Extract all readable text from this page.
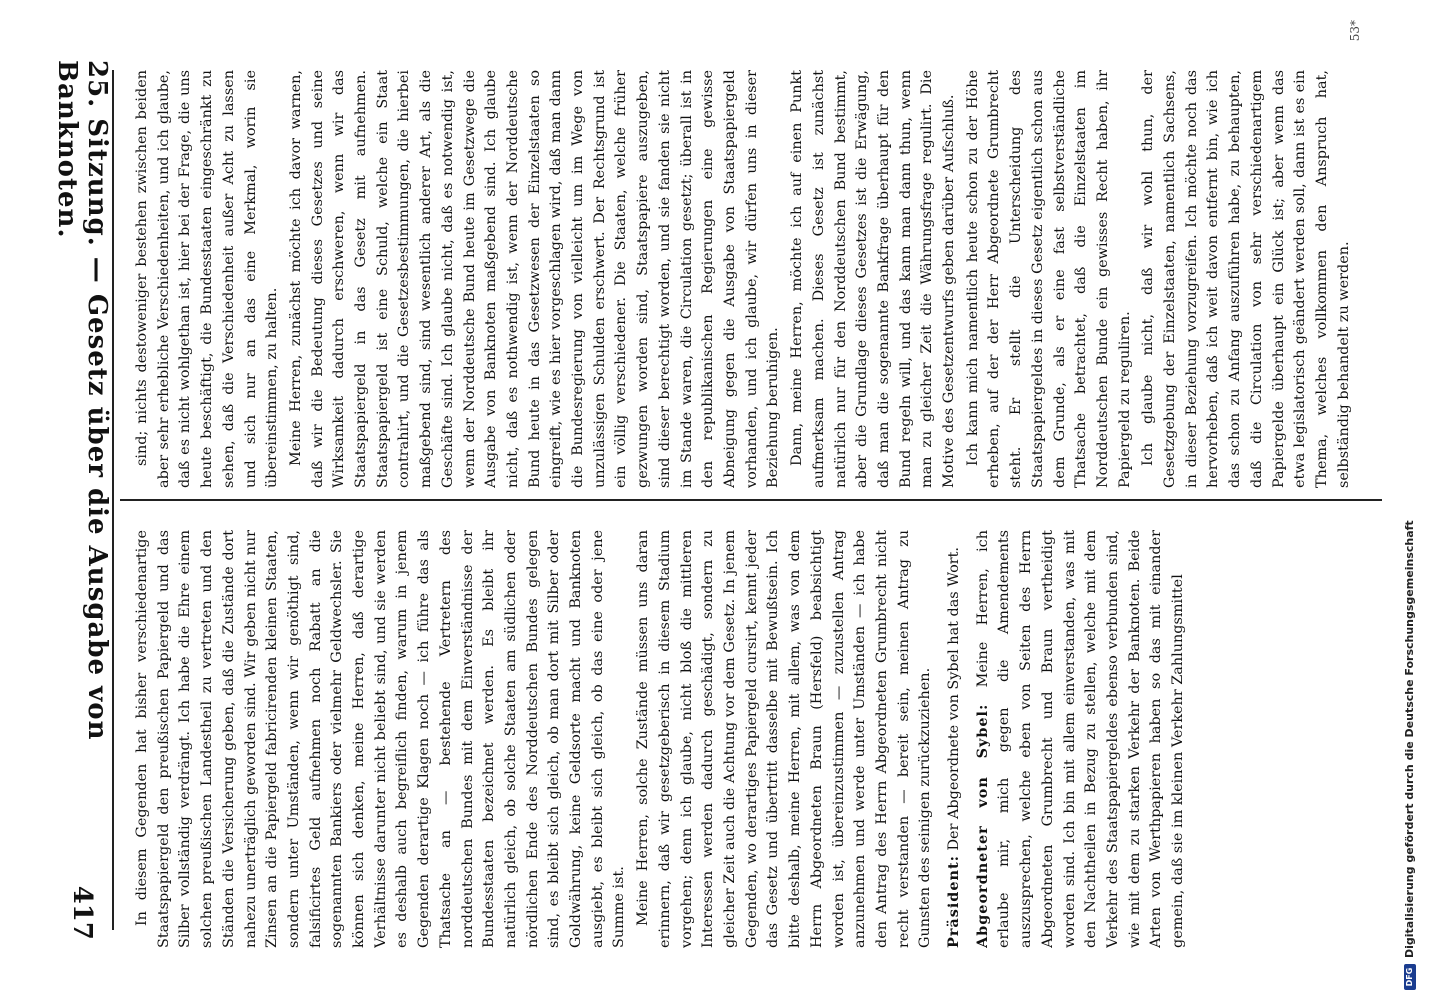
25. Sitzung. — Gesetz über die Ausgabe von Banknoten.
417	In diesem Gegenden hat bisher verschiedenartige Staatspapiergeld den preußischen Papiergeld und das Silber vollständig verdrängt. Ich habe die Ehre einem solchen preußischen Landestheil zu vertreten und den Ständen die Versicherung geben, daß die Zustände dort nahezu unerträglich geworden sind. Wir geben nicht nur Zinsen an die Papiergeld fabricirenden kleinen Staaten, sondern unter Umständen, wenn wir genöthigt sind, falsificirtes Geld aufnehmen noch Rabatt an die sogenannten Bankiers oder vielmehr Geldwechsler. Sie können sich denken, meine Herren, daß derartige Verhältnisse darunter nicht beliebt sind, und sie werden es deshalb auch begreiflich finden, warum in jenem Gegenden derartige Klagen noch — ich führe das als Thatsache an — bestehende Vertretern des norddeutschen Bundes mit dem Einverständnisse der Bundesstaaten bezeichnet werden. Es bleibt ihr natürlich gleich, ob solche Staaten am südlichen oder nördlichen Ende des Norddeutschen Bundes gelegen sind, es bleibt sich gleich, ob man dort mit Silber oder Goldwährung, keine Geldsorte macht und Banknoten ausgiebt, es bleibt sich gleich, ob das eine oder jene Summe ist. Meine Herren, solche Zustände müssen uns daran erinnern, daß wir gesetzgeberisch in diesem Stadium vorgehen; denn ich glaube, nicht bloß die mittleren Interessen werden dadurch geschädigt, sondern zu gleicher Zeit auch die Achtung vor dem Gesetz. In jenem Gegenden, wo derartiges Papiergeld cursirt, kennt jeder das Gesetz und übertritt dasselbe mit Bewußtsein. Ich bitte deshalb, meine Herren, mit allem, was von dem Herrn Abgeordneten Braun (Hersfeld) beabsichtigt worden ist, übereinzustimmen — zuzustellen Antrag anzunehmen und werde unter Umständen — ich habe den Antrag des Herrn Abgeordneten Grumbrecht nicht recht verstanden — bereit sein, meinen Antrag zu Gunsten des seinigen zurückzuziehen. Präsident: Der Abgeordnete von Sybel hat das Wort. Abgeordneter von Sybel: Meine Herren, ich erlaube mir, mich gegen die Amendements auszusprechen, welche eben von Seiten des Herrn Abgeordneten Grumbrecht und Braun vertheidigt worden sind. Ich bin mit allem einverstanden, was mit den Nachtheilen in Bezug zu stellen, welche mit dem Verkehr des Staatspapiergeldes ebenso verbunden sind, wie mit dem zu starken Verkehr der Banknoten. Beide Arten von Werthpapieren haben so das mit einander gemein, daß sie im kleinen Verkehr Zahlungsmittel

sind; nichts destoweniger bestehen zwischen beiden aber sehr erhebliche Verschiedenheiten, und ich glaube, daß es nicht wohlgethan ist, hier bei der Frage, die uns heute beschäftigt, die Bundesstaaten eingeschränkt zu sehen, daß die Verschiedenheit außer Acht zu lassen und sich nur an das eine Merkmal, worin sie übereinstimmen, zu halten. Meine Herren, zunächst möchte ich davor warnen, daß wir die Bedeutung dieses Gesetzes und seine Wirksamkeit dadurch erschweren, wenn wir das Staatspapiergeld in das Gesetz mit aufnehmen. Staatspapiergeld ist eine Schuld, welche ein Staat contrahirt, und die Gesetzesbestimmungen, die hierbei maßgebend sind, sind wesentlich anderer Art, als die Geschäfte sind. Ich glaube nicht, daß es notwendig ist, wenn der Norddeutsche Bund heute im Gesetzwege die Ausgabe von Banknoten maßgebend sind. Ich glaube nicht, daß es nothwendig ist, wenn der Norddeutsche Bund heute in das Gesetzwesen der Einzelstaaten so eingreift, wie es hier vorgeschlagen wird, daß man dann die Bundesregierung von vielleicht um im Wege von unzulässigen Schulden erschwert. Der Rechtsgrund ist ein völlig verschiedener. Die Staaten, welche früher gezwungen worden sind, Staatspapiere auszugeben, sind dieser berechtigt worden, und sie fanden sie nicht im Stande waren, die Circulation gesetzt; überall ist in den republikanischen Regierungen eine gewisse Abneigung gegen die Ausgabe von Staatspapiergeld vorhanden, und ich glaube, wir dürfen uns in dieser Beziehung beruhigen. Dann, meine Herren, möchte ich auf einen Punkt aufmerksam machen. Dieses Gesetz ist zunächst natürlich nur für den Norddeutschen Bund bestimmt, aber die Grundlage dieses Gesetzes ist die Erwägung, daß man die sogenannte Bankfrage überhaupt für den Bund regeln will, und das kann man dann thun, wenn man zu gleicher Zeit die Währungsfrage regulirt. Die Motive des Gesetzentwurfs geben darüber Aufschluß. Ich kann mich namentlich heute schon zu der Höhe erheben, auf der der Herr Abgeordnete Grumbrecht steht. Er stellt die Unterscheidung des Staatspapiergeldes in dieses Gesetz eigentlich schon aus dem Grunde, als er eine fast selbstverständliche Thatsache betrachtet, daß die Einzelstaaten im Norddeutschen Bunde ein gewisses Recht haben, ihr Papiergeld zu reguliren. Ich glaube nicht, daß wir wohl thun, der Gesetzgebung der Einzelstaaten, namentlich Sachsens, in dieser Beziehung vorzugreifen. Ich möchte noch das hervorheben, daß ich weit davon entfernt bin, wie ich das schon zu Anfang auszuführen habe, zu behaupten, daß die Circulation von sehr verschiedenartigem Papiergelde überhaupt ein Glück ist; aber wenn das etwa legislatorisch geändert werden soll, dann ist es ein Thema, welches vollkommen den Anspruch hat, selbständig behandelt zu werden.

DFG
Digitalisierung gefördert durch die Deutsche Forschungsgemeinschaft
53*
